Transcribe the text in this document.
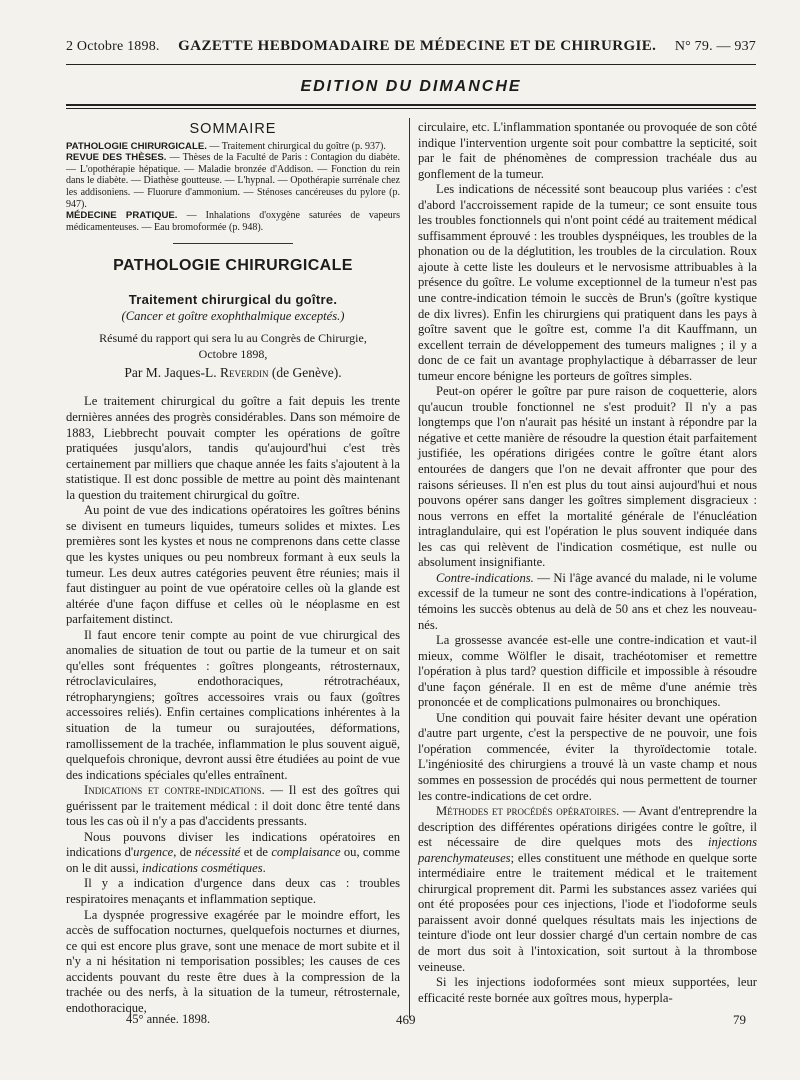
2 Octobre 1898. GAZETTE HEBDOMADAIRE DE MÉDECINE ET DE CHIRURGIE. N° 79. — 937
EDITION DU DIMANCHE
SOMMAIRE
PATHOLOGIE CHIRURGICALE. — Traitement chirurgical du goître (p. 937).
REVUE DES THÈSES. — Thèses de la Faculté de Paris : Contagion du diabète. — L'opothérapie hépatique. — Maladie bronzée d'Addison. — Fonction du rein dans le diabète. — Diathèse goutteuse. — L'hypnal. — Opothérapie surrénale chez les addisoniens. — Fluorure d'ammonium. — Sténoses cancéreuses du pylore (p. 947).
MÉDECINE PRATIQUE. — Inhalations d'oxygène saturées de vapeurs médicamenteuses. — Eau bromoformée (p. 948).
PATHOLOGIE CHIRURGICALE
Traitement chirurgical du goître.
(Cancer et goître exophthalmique exceptés.)
Résumé du rapport qui sera lu au Congrès de Chirurgie,
Octobre 1898,
Par M. Jaques-L. Reverdin (de Genève).

Le traitement chirurgical du goître a fait depuis les trente dernières années des progrès considérables. Dans son mémoire de 1883, Liebbrecht pouvait compter les opérations de goître pratiquées jusqu'alors, tandis qu'aujourd'hui c'est très certainement par milliers que chaque année les faits s'ajoutent à la statistique. Il est donc possible de mettre au point dès maintenant la question du traitement chirurgical du goître.

Au point de vue des indications opératoires les goîtres bénins se divisent en tumeurs liquides, tumeurs solides et mixtes. Les premières sont les kystes et nous ne comprenons dans cette classe que les kystes uniques ou peu nombreux formant à eux seuls la tumeur. Les deux autres catégories peuvent être réunies; mais il faut distinguer au point de vue opératoire celles où la glande est altérée d'une façon diffuse et celles où le néoplasme en est parfaitement distinct.

Il faut encore tenir compte au point de vue chirurgical des anomalies de situation de tout ou partie de la tumeur et on sait qu'elles sont fréquentes : goîtres plongeants, rétrosternaux, rétroclaviculaires, endothoraciques, rétrotrachéaux, rétropharyngiens; goîtres accessoires vrais ou faux (goîtres accessoires reliés). Enfin certaines complications inhérentes à la situation de la tumeur ou surajoutées, déformations, ramollissement de la trachée, inflammation le plus souvent aiguë, quelquefois chronique, devront aussi être étudiées au point de vue des indications spéciales qu'elles entraînent.

Indications et contre-indications. — Il est des goîtres qui guérissent par le traitement médical : il doit donc être tenté dans tous les cas où il n'y a pas d'accidents pressants.

Nous pouvons diviser les indications opératoires en indications d'urgence, de nécessité et de complaisance ou, comme on le dit aussi, indications cosmétiques.

Il y a indication d'urgence dans deux cas : troubles respiratoires menaçants et inflammation septique.

La dyspnée progressive exagérée par le moindre effort, les accès de suffocation nocturnes, quelquefois nocturnes et diurnes, ce qui est encore plus grave, sont une menace de mort subite et il n'y a ni hésitation ni temporisation possibles; les causes de ces accidents pouvant du reste être dues à la compression de la trachée ou des nerfs, à la situation de la tumeur, rétrosternale, endothoracique,

circulaire, etc. L'inflammation spontanée ou provoquée de son côté indique l'intervention urgente soit pour combattre la septicité, soit par le fait de phénomènes de compression trachéale dus au gonflement de la tumeur.

Les indications de nécessité sont beaucoup plus variées : c'est d'abord l'accroissement rapide de la tumeur; ce sont ensuite tous les troubles fonctionnels qui n'ont point cédé au traitement médical suffisamment éprouvé : les troubles dyspnéiques, les troubles de la phonation ou de la déglutition, les troubles de la circulation. Roux ajoute à cette liste les douleurs et le nervosisme attribuables à la présence du goître. Le volume exceptionnel de la tumeur n'est pas une contre-indication témoin le succès de Brun's (goître kystique de dix livres). Enfin les chirurgiens qui pratiquent dans les pays à goître savent que le goître est, comme l'a dit Kauffmann, un excellent terrain de développement des tumeurs malignes ; il y a donc de ce fait un avantage prophylactique à débarrasser de leur tumeur encore bénigne les porteurs de goîtres simples.

Peut-on opérer le goître par pure raison de coquetterie, alors qu'aucun trouble fonctionnel ne s'est produit? Il n'y a pas longtemps que l'on n'aurait pas hésité un instant à répondre par la négative et cette manière de résoudre la question était parfaitement justifiée, les opérations dirigées contre le goître étant alors entourées de dangers que l'on ne devait affronter que pour des raisons sérieuses. Il n'en est plus du tout ainsi aujourd'hui et nous pouvons opérer sans danger les goîtres simplement disgracieux : nous verrons en effet la mortalité générale de l'énucléation intraglandulaire, qui est l'opération le plus souvent indiquée dans les cas qui relèvent de l'indication cosmétique, est nulle ou absolument insignifiante.

Contre-indications. — Ni l'âge avancé du malade, ni le volume excessif de la tumeur ne sont des contre-indications à l'opération, témoins les succès obtenus au delà de 50 ans et chez les nouveau-nés.

La grossesse avancée est-elle une contre-indication et vaut-il mieux, comme Wölfler le disait, trachéotomiser et remettre l'opération à plus tard? question difficile et impossible à résoudre d'une façon générale. Il en est de même d'une anémie très prononcée et de complications pulmonaires ou bronchiques.

Une condition qui pouvait faire hésiter devant une opération d'autre part urgente, c'est la perspective de ne pouvoir, une fois l'opération commencée, éviter la thyroïdectomie totale. L'ingéniosité des chirurgiens a trouvé là un vaste champ et nous sommes en possession de procédés qui nous permettent de tourner les contre-indications de cet ordre.

Méthodes et procédés opératoires. — Avant d'entreprendre la description des différentes opérations dirigées contre le goître, il est nécessaire de dire quelques mots des injections parenchymateuses; elles constituent une méthode en quelque sorte intermédiaire entre le traitement médical et le traitement chirurgical proprement dit. Parmi les substances assez variées qui ont été proposées pour ces injections, l'iode et l'iodoforme seuls paraissent avoir donné quelques résultats mais les injections de teinture d'iode ont leur dossier chargé d'un certain nombre de cas de mort dus soit à l'intoxication, soit surtout à la thrombose veineuse.

Si les injections iodoformées sont mieux supportées, leur efficacité reste bornée aux goîtres mous, hyperpla-

45° année. 1898.	469	79
